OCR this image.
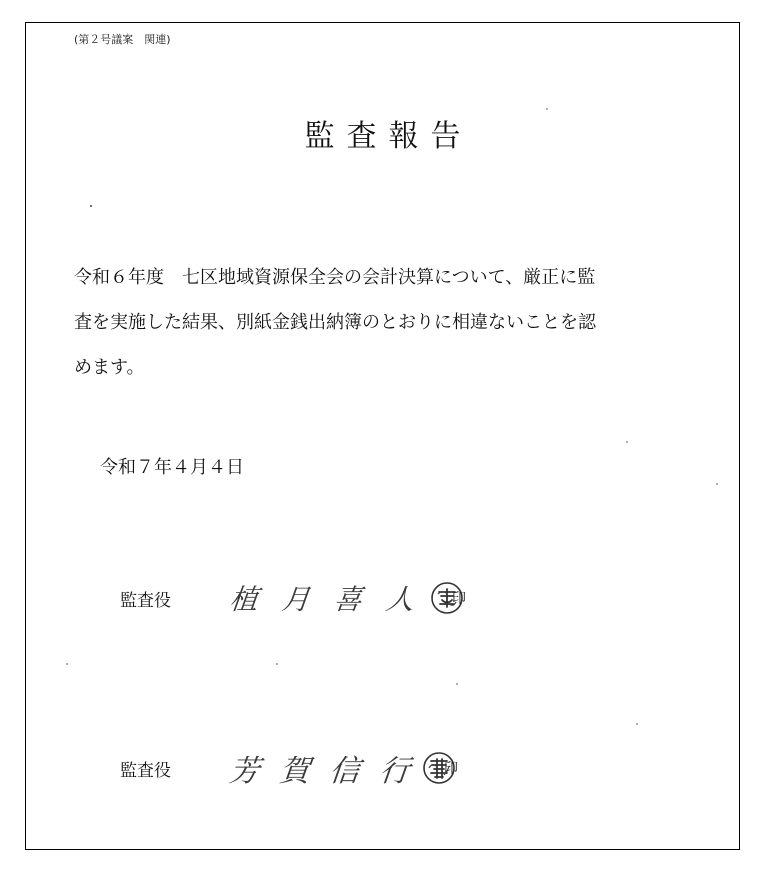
(第２号議案　関連)
監査報告
令和６年度　七区地域資源保全会の会計決算について、厳正に監
査を実施した結果、別紙金銭出納簿のとおりに相違ないことを認
めます。
令和７年４月４日
監査役	植月喜人 印
監査役	芳賀信行 印
